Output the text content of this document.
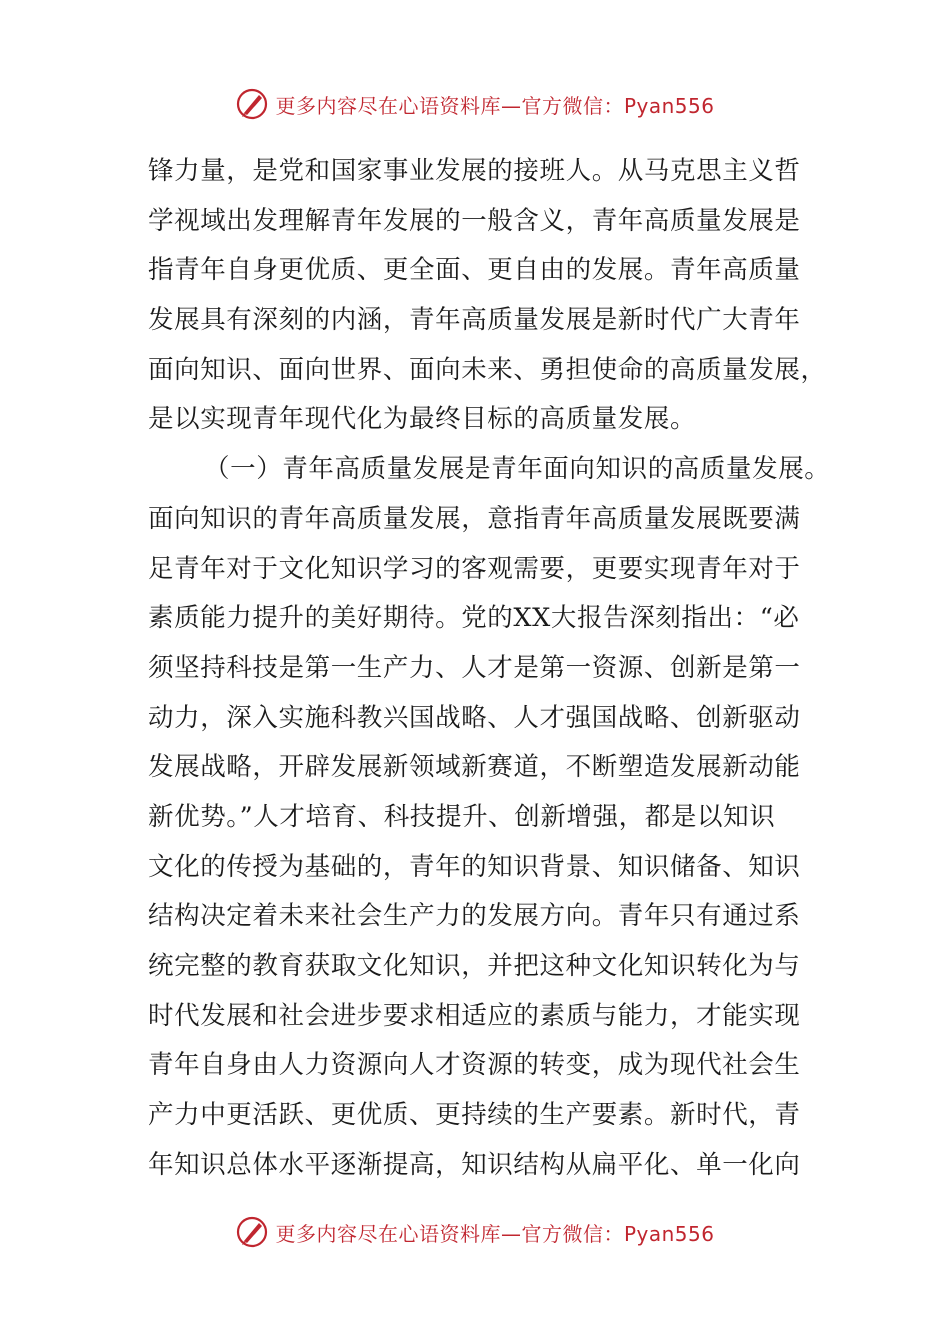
更多内容尽在心语资料库—官方微信：Pyan556
锋力量，是党和国家事业发展的接班人。从马克思主义哲
学视域出发理解青年发展的一般含义，青年高质量发展是
指青年自身更优质、更全面、更自由的发展。青年高质量
发展具有深刻的内涵，青年高质量发展是新时代广大青年
面向知识、面向世界、面向未来、勇担使命的高质量发展，
是以实现青年现代化为最终目标的高质量发展。
（一）青年高质量发展是青年面向知识的高质量发展。
面向知识的青年高质量发展，意指青年高质量发展既要满
足青年对于文化知识学习的客观需要，更要实现青年对于
素质能力提升的美好期待。党的XX大报告深刻指出：“必
须坚持科技是第一生产力、人才是第一资源、创新是第一
动力，深入实施科教兴国战略、人才强国战略、创新驱动
发展战略，开辟发展新领域新赛道，不断塑造发展新动能
新优势。”人才培育、科技提升、创新增强，都是以知识
文化的传授为基础的，青年的知识背景、知识储备、知识
结构决定着未来社会生产力的发展方向。青年只有通过系
统完整的教育获取文化知识，并把这种文化知识转化为与
时代发展和社会进步要求相适应的素质与能力，才能实现
青年自身由人力资源向人才资源的转变，成为现代社会生
产力中更活跃、更优质、更持续的生产要素。新时代，青
年知识总体水平逐渐提高，知识结构从扁平化、单一化向
更多内容尽在心语资料库—官方微信：Pyan556
